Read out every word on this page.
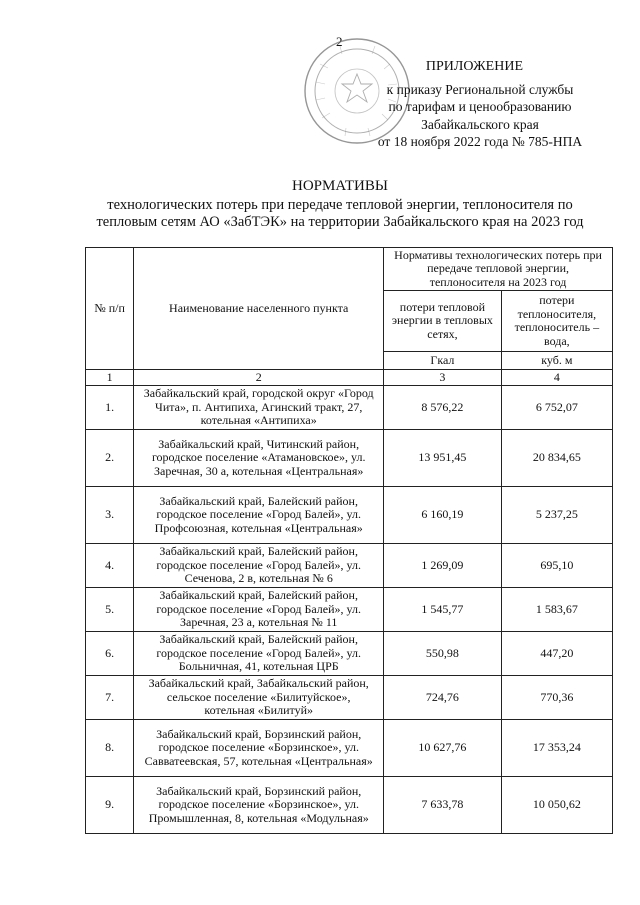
2
ПРИЛОЖЕНИЕ
к приказу Региональной службы
по тарифам и ценообразованию
Забайкальского края
от 18 ноября 2022 года № 785-НПА
НОРМАТИВЫ
технологических потерь при передаче тепловой энергии, теплоносителя по
тепловым сетям АО «ЗабТЭК» на территории Забайкальского края на 2023 год
№ п/п	Наименование населенного пункта	Нормативы технологических потерь при передаче тепловой энергии, теплоносителя на 2023 год	
		потери тепловой энергии в тепловых сетях,	потери теплоносителя, теплоноситель – вода,
		Гкал	куб. м
1	2	3	4
1.	Забайкальский край, городской округ «Город Чита», п. Антипиха, Агинский тракт, 27, котельная «Антипиха»	8 576,22	6 752,07
2.	Забайкальский край, Читинский район, городское поселение «Атамановское», ул. Заречная, 30 а, котельная «Центральная»	13 951,45	20 834,65
3.	Забайкальский край, Балейский район, городское поселение «Город Балей», ул. Профсоюзная, котельная «Центральная»	6 160,19	5 237,25
4.	Забайкальский край, Балейский район, городское поселение «Город Балей», ул. Сеченова, 2 в, котельная № 6	1 269,09	695,10
5.	Забайкальский край, Балейский район, городское поселение «Город Балей», ул. Заречная, 23 а, котельная № 11	1 545,77	1 583,67
6.	Забайкальский край, Балейский район, городское поселение «Город Балей», ул. Больничная, 41, котельная ЦРБ	550,98	447,20
7.	Забайкальский край, Забайкальский район, сельское поселение «Билитуйское», котельная «Билитуй»	724,76	770,36
8.	Забайкальский край, Борзинский район, городское поселение «Борзинское», ул. Савватеевская, 57, котельная «Центральная»	10 627,76	17 353,24
9.	Забайкальский край, Борзинский район, городское поселение «Борзинское», ул. Промышленная, 8, котельная «Модульная»	7 633,78	10 050,62
